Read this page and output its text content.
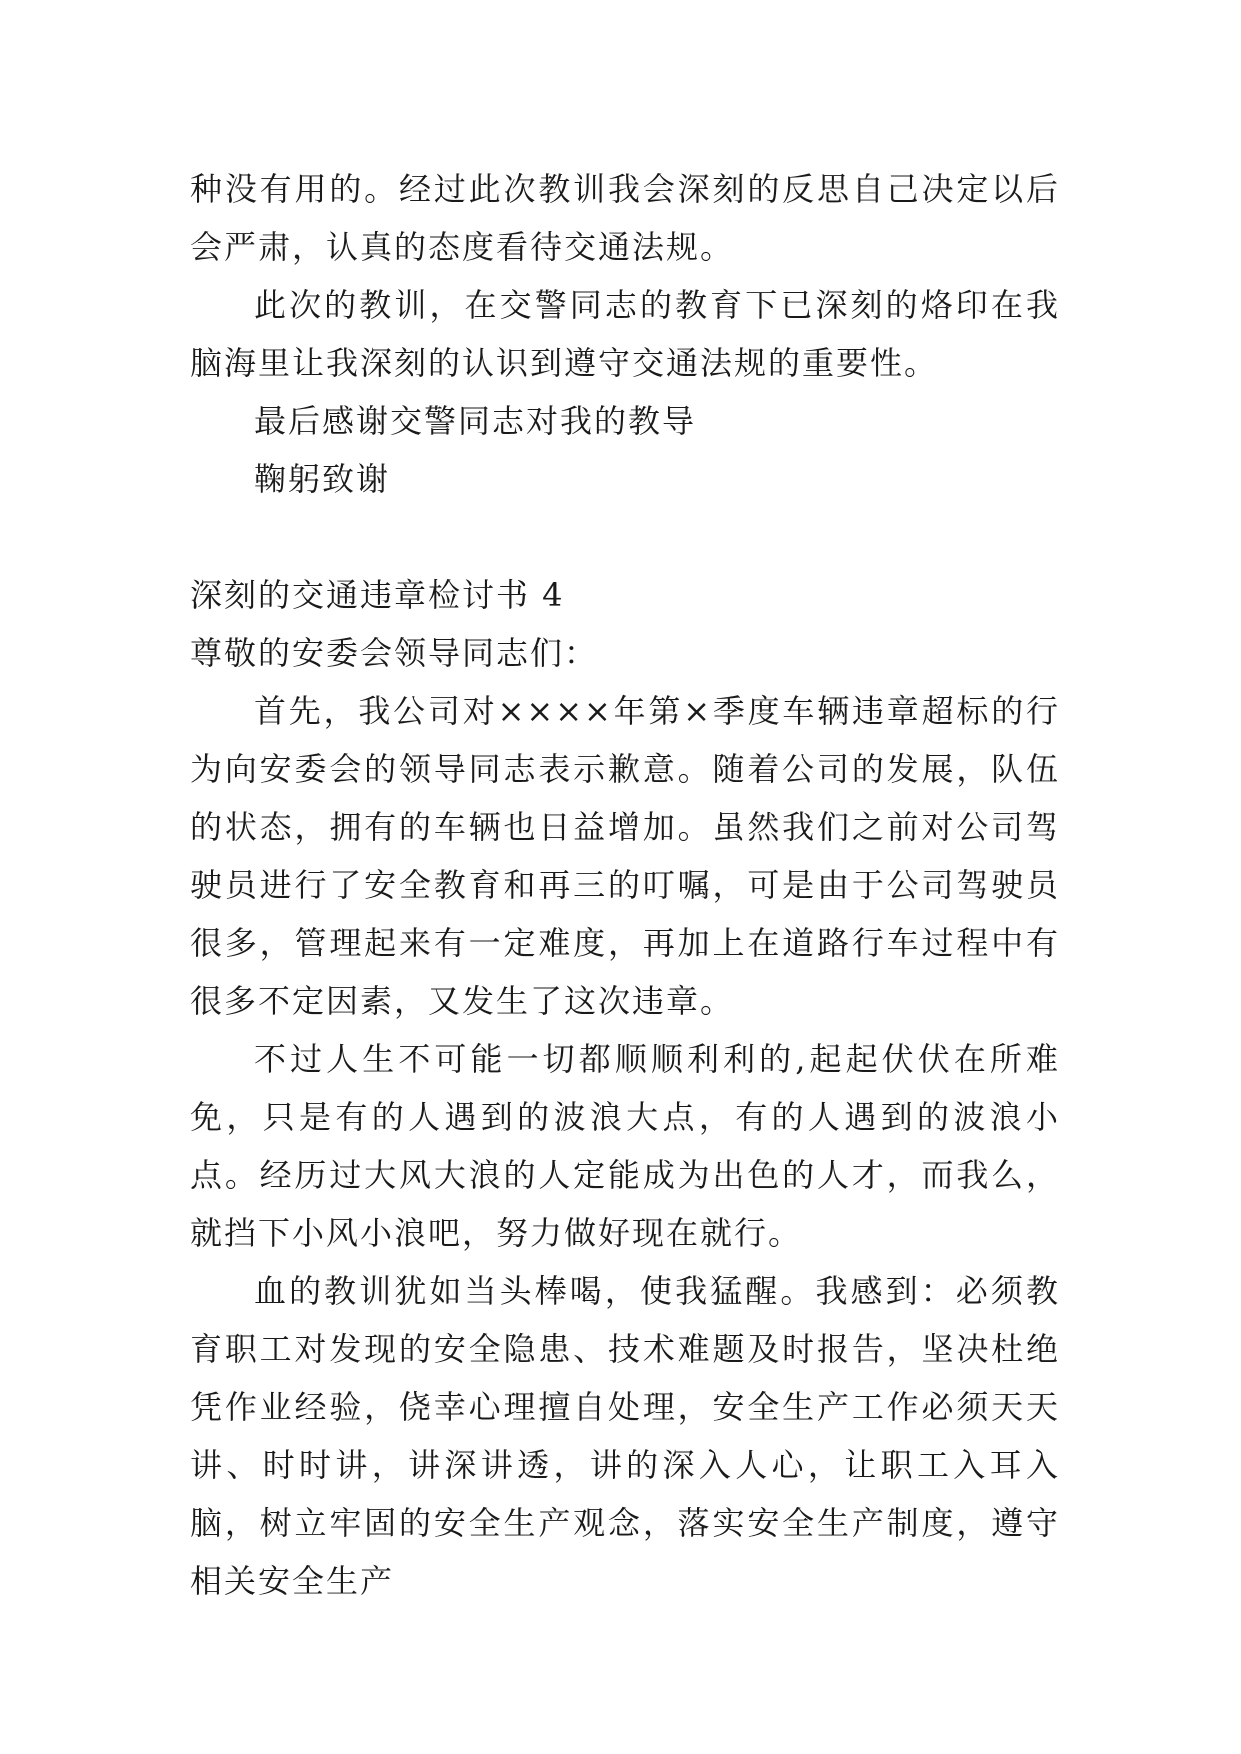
种没有用的。经过此次教训我会深刻的反思自己决定以后会严肃，认真的态度看待交通法规。

此次的教训，在交警同志的教育下已深刻的烙印在我脑海里让我深刻的认识到遵守交通法规的重要性。

最后感谢交警同志对我的教导

鞠躬致谢

深刻的交通违章检讨书 4

尊敬的安委会领导同志们：

首先，我公司对××××年第×季度车辆违章超标的行为向安委会的领导同志表示歉意。随着公司的发展，队伍的状态，拥有的车辆也日益增加。虽然我们之前对公司驾驶员进行了安全教育和再三的叮嘱，可是由于公司驾驶员很多，管理起来有一定难度，再加上在道路行车过程中有很多不定因素，又发生了这次违章。

不过人生不可能一切都顺顺利利的,起起伏伏在所难免，只是有的人遇到的波浪大点，有的人遇到的波浪小点。经历过大风大浪的人定能成为出色的人才，而我么，就挡下小风小浪吧，努力做好现在就行。

血的教训犹如当头棒喝，使我猛醒。我感到：必须教育职工对发现的安全隐患、技术难题及时报告，坚决杜绝凭作业经验，侥幸心理擅自处理，安全生产工作必须天天讲、时时讲，讲深讲透，讲的深入人心，让职工入耳入脑，树立牢固的安全生产观念，落实安全生产制度，遵守相关安全生产
